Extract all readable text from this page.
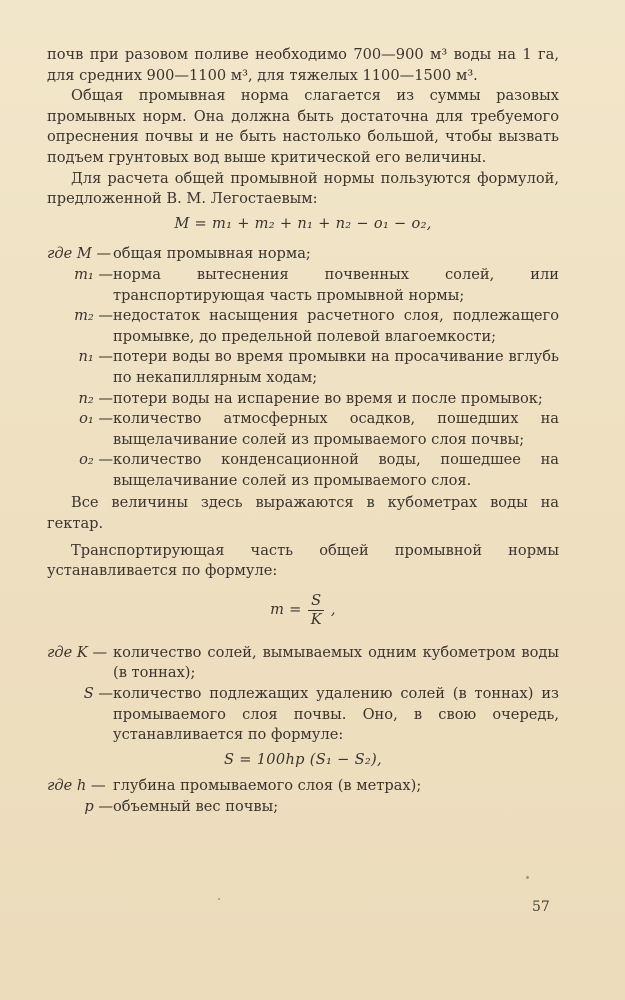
почв при разовом поливе необходимо 700—900 м³ воды на 1 га, для средних 900—1100 м³, для тяжелых 1100—1500 м³.

Общая промывная норма слагается из суммы разовых промывных норм. Она должна быть достаточна для требуемого опреснения почвы и не быть настолько большой, чтобы вызвать подъем грунтовых вод выше критической его величины.

Для расчета общей промывной нормы пользуются формулой, предложенной В. М. Легостаевым:

M = m₁ + m₂ + n₁ + n₂ − o₁ − o₂,
где M — общая промывная норма;
m₁ — норма вытеснения почвенных солей, или транспортирующая часть промывной нормы;
m₂ — недостаток насыщения расчетного слоя, подлежащего промывке, до предельной полевой влагоемкости;
n₁ — потери воды во время промывки на просачивание вглубь по некапиллярным ходам;
n₂ — потери воды на испарение во время и после промывок;
o₁ — количество атмосферных осадков, пошедших на выщелачивание солей из промываемого слоя почвы;
o₂ — количество конденсационной воды, пошедшее на выщелачивание солей из промываемого слоя.

Все величины здесь выражаются в кубометрах воды на гектар.

Транспортирующая часть общей промывной нормы устанавливается по формуле:

$m = \frac{S}{K}$ ,
где K — количество солей, вымываемых одним кубометром воды (в тоннах);
S — количество подлежащих удалению солей (в тоннах) из промываемого слоя почвы. Оно, в свою очередь, устанавливается по формуле:
S = 100hp (S₁ − S₂),
где h — глубина промываемого слоя (в метрах);
p — объемный вес почвы;
57
